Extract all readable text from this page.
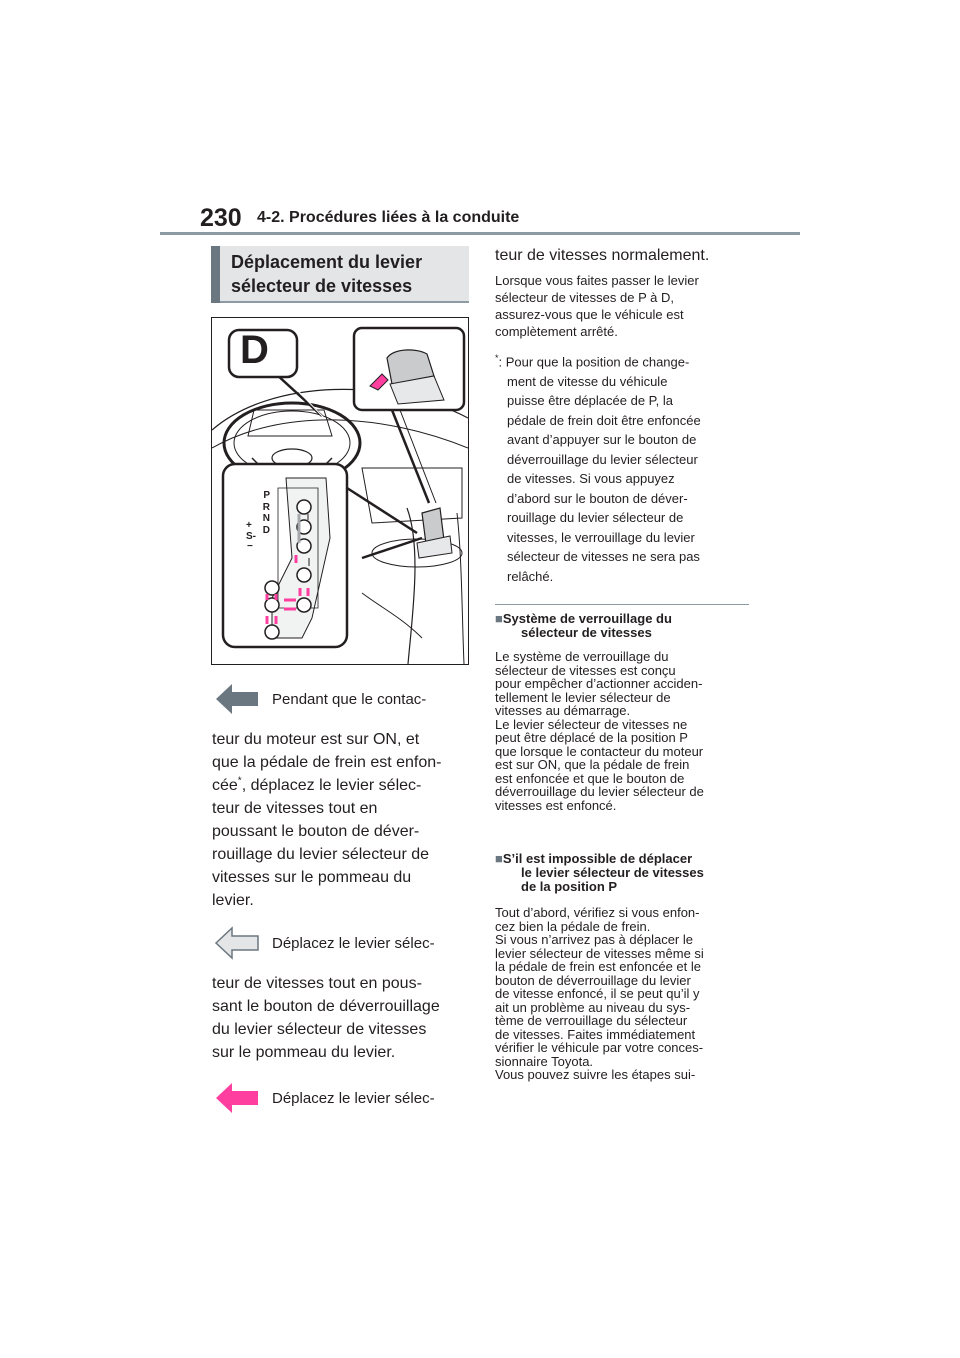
230 4-2. Procédures liées à la conduite
Déplacement du levier
sélecteur de vitesses
D
P
R
N
D
+
S-
−
Pendant que le contac-

teur du moteur est sur ON, et

que la pédale de frein est enfon-

cée*, déplacez le levier sélec-

teur de vitesses tout en

poussant le bouton de déver-

rouillage du levier sélecteur de

vitesses sur le pommeau du

levier.

Déplacez le levier sélec-

teur de vitesses tout en pous-

sant le bouton de déverrouillage

du levier sélecteur de vitesses

sur le pommeau du levier.

Déplacez le levier sélec-
teur de vitesses normalement.

Lorsque vous faites passer le levier

sélecteur de vitesses de P à D,

assurez-vous que le véhicule est

complètement arrêté.

*: Pour que la position de change-

ment de vitesse du véhicule

puisse être déplacée de P, la

pédale de frein doit être enfoncée

avant d’appuyer sur le bouton de

déverrouillage du levier sélecteur

de vitesses. Si vous appuyez

d’abord sur le bouton de déver-

rouillage du levier sélecteur de

vitesses, le verrouillage du levier

sélecteur de vitesses ne sera pas

relâché.

■Système de verrouillage du
sélecteur de vitesses

Le système de verrouillage du

sélecteur de vitesses est conçu

pour empêcher d’actionner acciden-

tellement le levier sélecteur de

vitesses au démarrage.

Le levier sélecteur de vitesses ne

peut être déplacé de la position P

que lorsque le contacteur du moteur

est sur ON, que la pédale de frein

est enfoncée et que le bouton de

déverrouillage du levier sélecteur de

vitesses est enfoncé.

■S’il est impossible de déplacer
le levier sélecteur de vitesses
de la position P

Tout d’abord, vérifiez si vous enfon-

cez bien la pédale de frein.

Si vous n’arrivez pas à déplacer le

levier sélecteur de vitesses même si

la pédale de frein est enfoncée et le

bouton de déverrouillage du levier

de vitesse enfoncé, il se peut qu’il y

ait un problème au niveau du sys-

tème de verrouillage du sélecteur

de vitesses. Faites immédiatement

vérifier le véhicule par votre conces-

sionnaire Toyota.

Vous pouvez suivre les étapes sui-
